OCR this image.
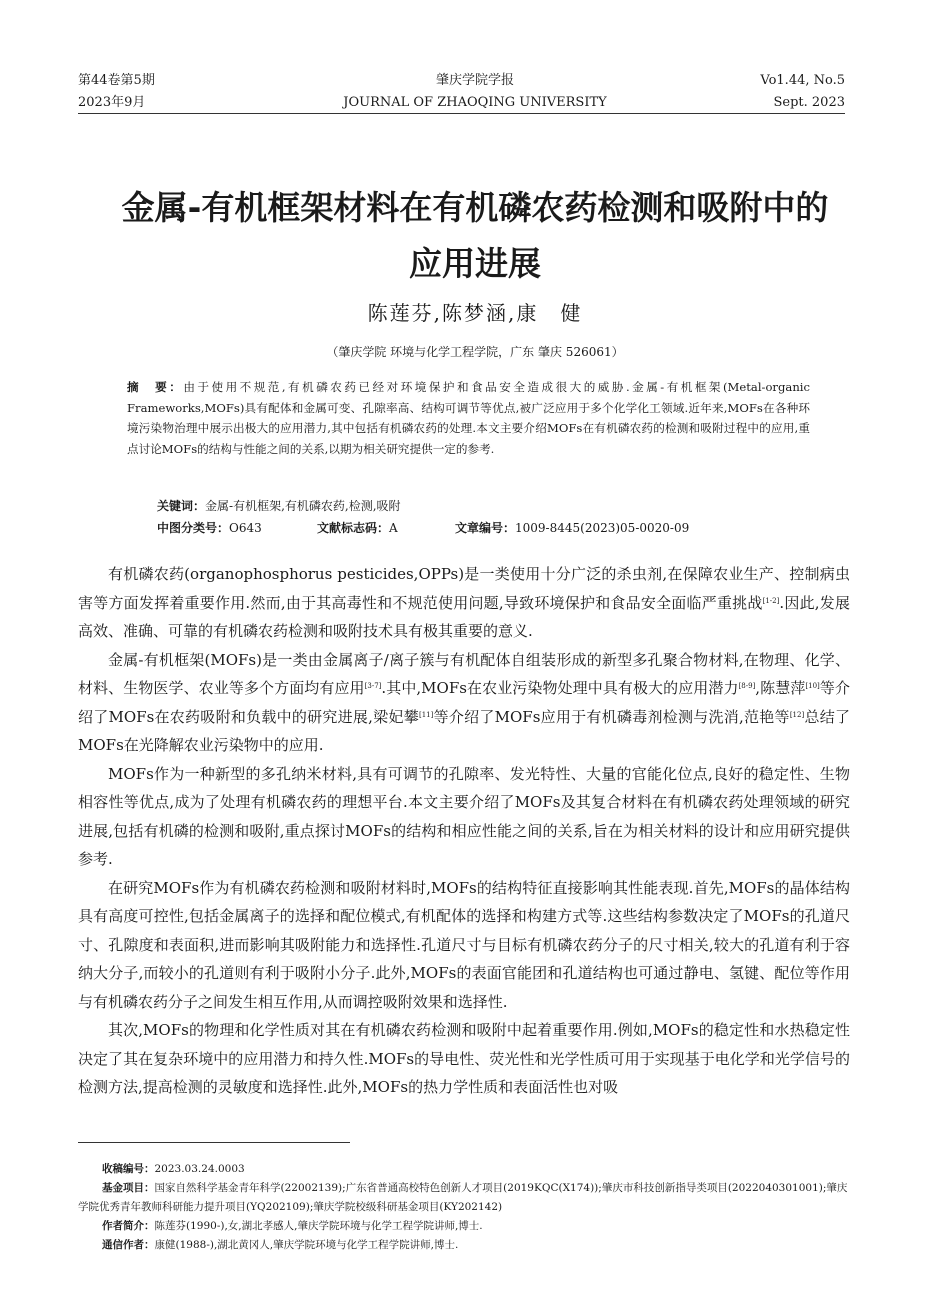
第44卷第5期	肇庆学院学报	Vo1.44, No.5
2023年9月	JOURNAL OF ZHAOQING UNIVERSITY	Sept. 2023
金属-有机框架材料在有机磷农药检测和吸附中的
应用进展
陈莲芬,陈梦涵,康　健
（肇庆学院 环境与化学工程学院，广东 肇庆 526061）
摘　要：由于使用不规范,有机磷农药已经对环境保护和食品安全造成很大的威胁.金属-有机框架(Metal-organic Frameworks,MOFs)具有配体和金属可变、孔隙率高、结构可调节等优点,被广泛应用于多个化学化工领域.近年来,MOFs在各种环境污染物治理中展示出极大的应用潜力,其中包括有机磷农药的处理.本文主要介绍MOFs在有机磷农药的检测和吸附过程中的应用,重点讨论MOFs的结构与性能之间的关系,以期为相关研究提供一定的参考.
关键词：金属-有机框架,有机磷农药,检测,吸附
中图分类号：O643	文献标志码：A	文章编号：1009-8445(2023)05-0020-09

有机磷农药(organophosphorus pesticides,OPPs)是一类使用十分广泛的杀虫剂,在保障农业生产、控制病虫害等方面发挥着重要作用.然而,由于其高毒性和不规范使用问题,导致环境保护和食品安全面临严重挑战[1-2].因此,发展高效、准确、可靠的有机磷农药检测和吸附技术具有极其重要的意义.

金属-有机框架(MOFs)是一类由金属离子/离子簇与有机配体自组装形成的新型多孔聚合物材料,在物理、化学、材料、生物医学、农业等多个方面均有应用[3-7].其中,MOFs在农业污染物处理中具有极大的应用潜力[8-9],陈慧萍[10]等介绍了MOFs在农药吸附和负载中的研究进展,梁妃攀[11]等介绍了MOFs应用于有机磷毒剂检测与洗消,范艳等[12]总结了MOFs在光降解农业污染物中的应用.

MOFs作为一种新型的多孔纳米材料,具有可调节的孔隙率、发光特性、大量的官能化位点,良好的稳定性、生物相容性等优点,成为了处理有机磷农药的理想平台.本文主要介绍了MOFs及其复合材料在有机磷农药处理领域的研究进展,包括有机磷的检测和吸附,重点探讨MOFs的结构和相应性能之间的关系,旨在为相关材料的设计和应用研究提供参考.

在研究MOFs作为有机磷农药检测和吸附材料时,MOFs的结构特征直接影响其性能表现.首先,MOFs的晶体结构具有高度可控性,包括金属离子的选择和配位模式,有机配体的选择和构建方式等.这些结构参数决定了MOFs的孔道尺寸、孔隙度和表面积,进而影响其吸附能力和选择性.孔道尺寸与目标有机磷农药分子的尺寸相关,较大的孔道有利于容纳大分子,而较小的孔道则有利于吸附小分子.此外,MOFs的表面官能团和孔道结构也可通过静电、氢键、配位等作用与有机磷农药分子之间发生相互作用,从而调控吸附效果和选择性.

其次,MOFs的物理和化学性质对其在有机磷农药检测和吸附中起着重要作用.例如,MOFs的稳定性和水热稳定性决定了其在复杂环境中的应用潜力和持久性.MOFs的导电性、荧光性和光学性质可用于实现基于电化学和光学信号的检测方法,提高检测的灵敏度和选择性.此外,MOFs的热力学性质和表面活性也对吸

收稿编号：2023.03.24.0003
基金项目：国家自然科学基金青年科学(22002139);广东省普通高校特色创新人才项目(2019KQC(X174));肇庆市科技创新指导类项目(2022040301001);肇庆学院优秀青年教师科研能力提升项目(YQ202109);肇庆学院校级科研基金项目(KY202142)
作者简介：陈莲芬(1990-),女,湖北孝感人,肇庆学院环境与化学工程学院讲师,博士.
通信作者：康健(1988-),湖北黄冈人,肇庆学院环境与化学工程学院讲师,博士.
